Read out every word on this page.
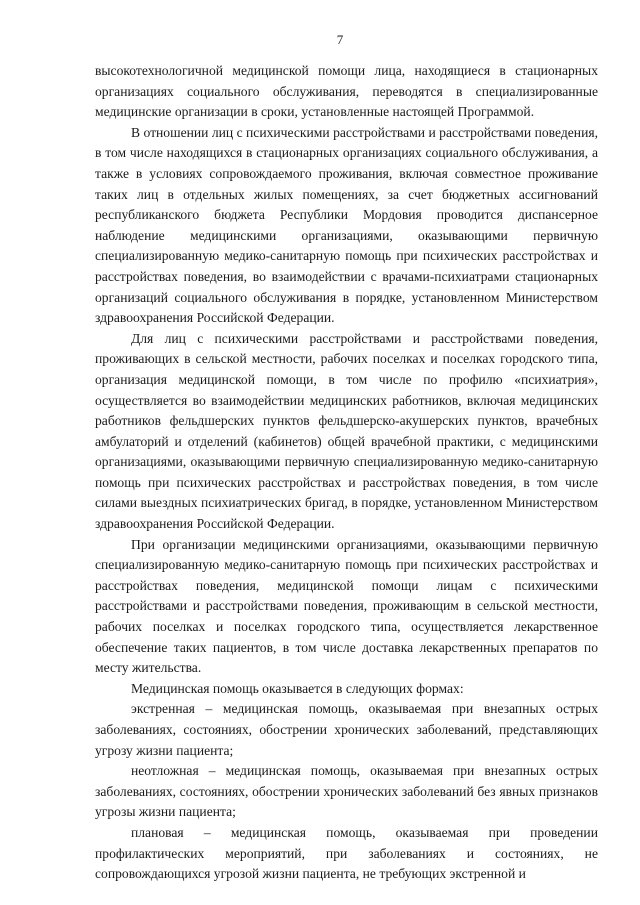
7

высокотехнологичной медицинской помощи лица, находящиеся в стационарных организациях социального обслуживания, переводятся в специализированные медицинские организации в сроки, установленные настоящей Программой.

В отношении лиц с психическими расстройствами и расстройствами поведения, в том числе находящихся в стационарных организациях социального обслуживания, а также в условиях сопровождаемого проживания, включая совместное проживание таких лиц в отдельных жилых помещениях, за счет бюджетных ассигнований республиканского бюджета Республики Мордовия проводится диспансерное наблюдение медицинскими организациями, оказывающими первичную специализированную медико-санитарную помощь при психических расстройствах и расстройствах поведения, во взаимодействии с врачами-психиатрами стационарных организаций социального обслуживания в порядке, установленном Министерством здравоохранения Российской Федерации.

Для лиц с психическими расстройствами и расстройствами поведения, проживающих в сельской местности, рабочих поселках и поселках городского типа, организация медицинской помощи, в том числе по профилю «психиатрия», осуществляется во взаимодействии медицинских работников, включая медицинских работников фельдшерских пунктов фельдшерско-акушерских пунктов, врачебных амбулаторий и отделений (кабинетов) общей врачебной практики, с медицинскими организациями, оказывающими первичную специализированную медико-санитарную помощь при психических расстройствах и расстройствах поведения, в том числе силами выездных психиатрических бригад, в порядке, установленном Министерством здравоохранения Российской Федерации.

При организации медицинскими организациями, оказывающими первичную специализированную медико-санитарную помощь при психических расстройствах и расстройствах поведения, медицинской помощи лицам с психическими расстройствами и расстройствами поведения, проживающим в сельской местности, рабочих поселках и поселках городского типа, осуществляется лекарственное обеспечение таких пациентов, в том числе доставка лекарственных препаратов по месту жительства.

Медицинская помощь оказывается в следующих формах:

экстренная – медицинская помощь, оказываемая при внезапных острых заболеваниях, состояниях, обострении хронических заболеваний, представляющих угрозу жизни пациента;

неотложная – медицинская помощь, оказываемая при внезапных острых заболеваниях, состояниях, обострении хронических заболеваний без явных признаков угрозы жизни пациента;

плановая – медицинская помощь, оказываемая при проведении профилактических мероприятий, при заболеваниях и состояниях, не сопровождающихся угрозой жизни пациента, не требующих экстренной и
